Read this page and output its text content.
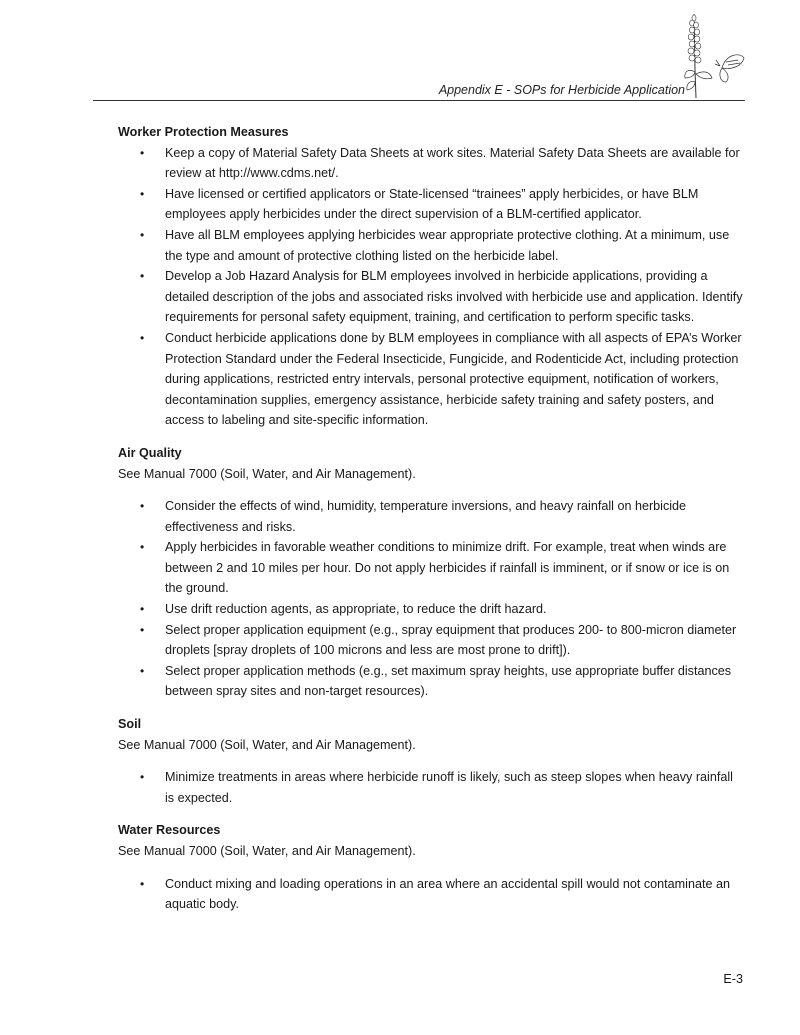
Appendix E - SOPs for Herbicide Application

Worker Protection Measures

• Keep a copy of Material Safety Data Sheets at work sites. Material Safety Data Sheets are available for review at http://www.cdms.net/.
• Have licensed or certified applicators or State-licensed “trainees” apply herbicides, or have BLM employees apply herbicides under the direct supervision of a BLM-certified applicator.
• Have all BLM employees applying herbicides wear appropriate protective clothing. At a minimum, use the type and amount of protective clothing listed on the herbicide label.
• Develop a Job Hazard Analysis for BLM employees involved in herbicide applications, providing a detailed description of the jobs and associated risks involved with herbicide use and application. Identify requirements for personal safety equipment, training, and certification to perform specific tasks.
• Conduct herbicide applications done by BLM employees in compliance with all aspects of EPA’s Worker Protection Standard under the Federal Insecticide, Fungicide, and Rodenticide Act, including protection during applications, restricted entry intervals, personal protective equipment, notification of workers, decontamination supplies, emergency assistance, herbicide safety training and safety posters, and access to labeling and site-specific information.

Air Quality

See Manual 7000 (Soil, Water, and Air Management).

• Consider the effects of wind, humidity, temperature inversions, and heavy rainfall on herbicide effectiveness and risks.
• Apply herbicides in favorable weather conditions to minimize drift. For example, treat when winds are between 2 and 10 miles per hour. Do not apply herbicides if rainfall is imminent, or if snow or ice is on the ground.
• Use drift reduction agents, as appropriate, to reduce the drift hazard.
• Select proper application equipment (e.g., spray equipment that produces 200- to 800-micron diameter droplets [spray droplets of 100 microns and less are most prone to drift]).
• Select proper application methods (e.g., set maximum spray heights, use appropriate buffer distances between spray sites and non-target resources).

Soil

See Manual 7000 (Soil, Water, and Air Management).

• Minimize treatments in areas where herbicide runoff is likely, such as steep slopes when heavy rainfall is expected.

Water Resources

See Manual 7000 (Soil, Water, and Air Management).

• Conduct mixing and loading operations in an area where an accidental spill would not contaminate an aquatic body.
E-3
